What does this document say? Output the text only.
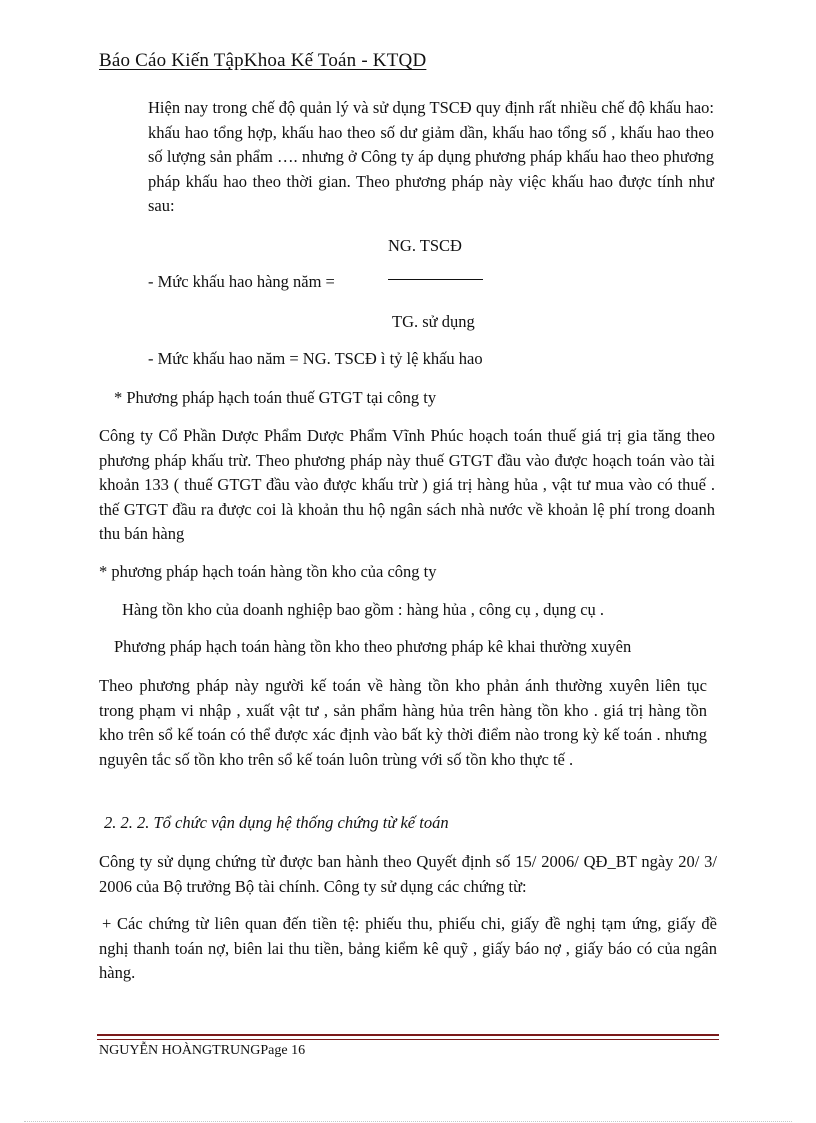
Báo Cáo Kiến TậpKhoa Kế Toán - KTQD

Hiện nay trong chế độ quản lý và sử dụng TSCĐ quy định rất nhiều chế độ khấu hao: khấu hao tổng hợp, khấu hao theo số dư giảm dần, khấu hao tổng số , khấu hao theo số lượng sản phẩm …. nhưng ở Công ty áp dụng phương pháp khấu hao theo phương pháp khấu hao theo thời gian. Theo phương pháp này việc khấu hao được tính như sau:

NG. TSCĐ
- Mức khấu hao hàng năm =
TG. sử dụng
- Mức khấu hao năm = NG. TSCĐ ì tỷ lệ khấu hao
* Phương pháp hạch toán thuế GTGT tại công ty

Công ty Cổ Phần Dược Phẩm Dược Phẩm Vĩnh Phúc hoạch toán thuế giá trị gia tăng theo phương pháp khấu trừ. Theo phương pháp này thuế GTGT đầu vào được hoạch toán vào tài khoản 133 ( thuế GTGT đầu vào được khấu trừ ) giá trị hàng hủa , vật tư mua vào có thuế . thế GTGT đầu ra được coi là khoản thu hộ ngân sách nhà nước về khoản lệ phí trong doanh thu bán hàng

* phương pháp hạch toán hàng tồn kho của công ty
Hàng tồn kho của doanh nghiệp bao gồm : hàng hủa , công cụ , dụng cụ .
Phương pháp hạch toán hàng tồn kho theo phương pháp kê khai thường xuyên

Theo phương pháp này người kế toán về hàng tồn kho phản ánh thường xuyên liên tục trong phạm vi nhập , xuất vật tư , sản phẩm hàng hủa trên hàng tồn kho . giá trị hàng tồn kho trên sổ kế toán có thể được xác định vào bất kỳ thời điểm nào trong kỳ kế toán . nhưng nguyên tắc số tồn kho trên sổ kế toán luôn trùng với số tồn kho thực tế .

2. 2. 2. Tổ chức vận dụng hệ thống chứng từ kế toán

Công ty sử dụng chứng từ được ban hành theo Quyết định số 15/ 2006/ QĐ_BT ngày 20/ 3/ 2006 của Bộ trưởng Bộ tài chính. Công ty sử dụng các chứng từ:

+ Các chứng từ liên quan đến tiền tệ: phiếu thu, phiếu chi, giấy đề nghị tạm ứng, giấy đề nghị thanh toán nợ, biên lai thu tiền, bảng kiểm kê quỹ , giấy báo nợ , giấy báo có của ngân hàng.

NGUYỄN HOÀNGTRUNGPage 16
